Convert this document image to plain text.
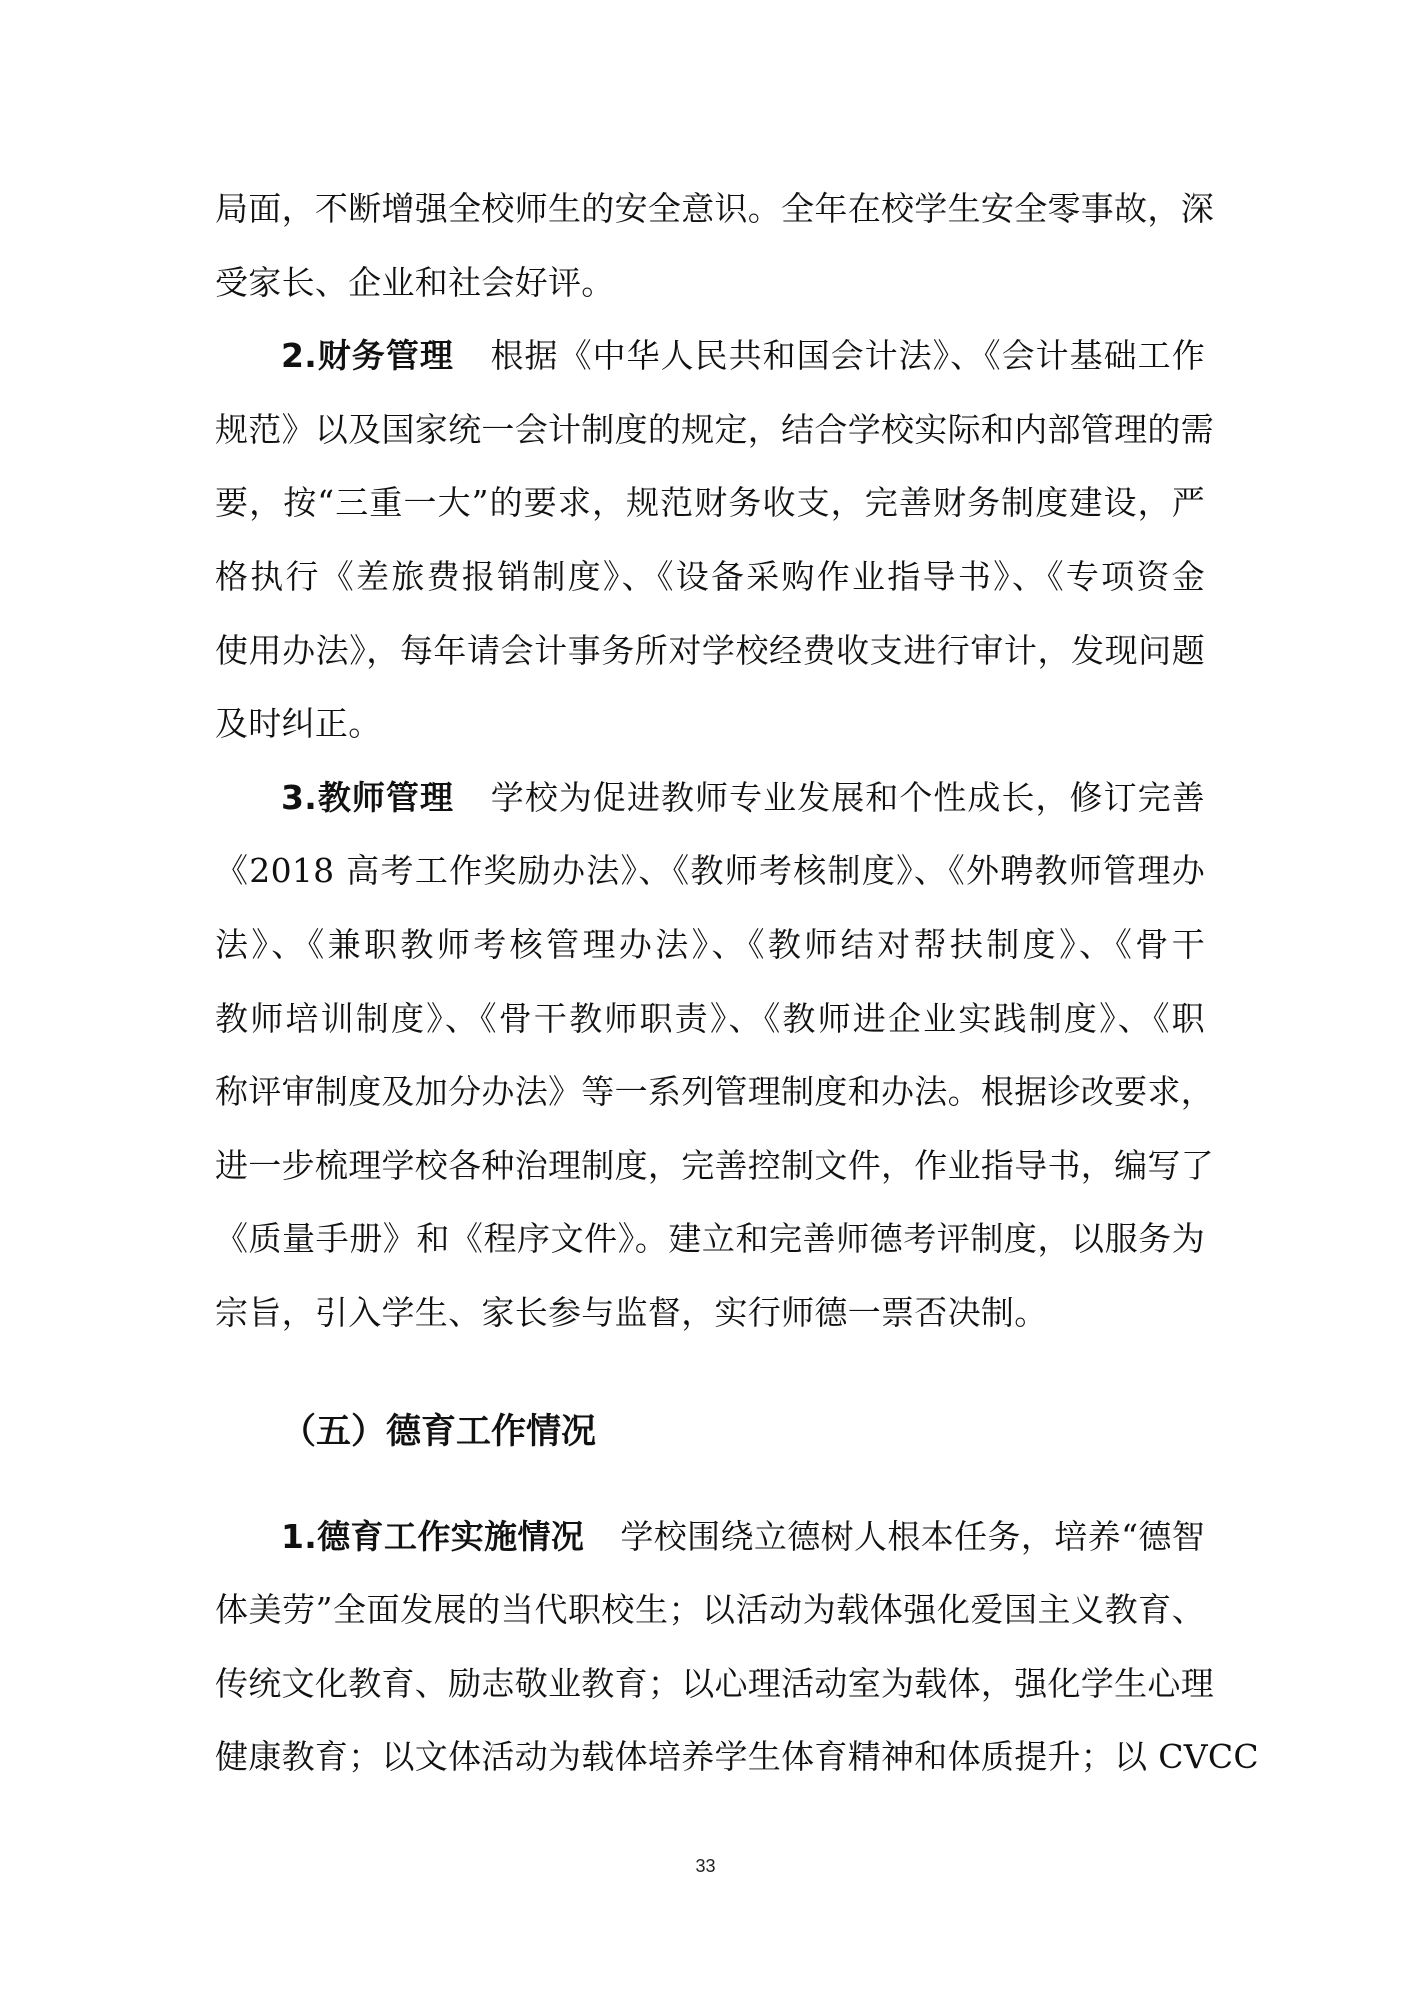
局面，不断增强全校师生的安全意识。全年在校学生安全零事故，深
受家长、企业和社会好评。
2.财务管理 根据《中华人民共和国会计法》、《会计基础工作
规范》以及国家统一会计制度的规定，结合学校实际和内部管理的需
要，按“三重一大”的要求，规范财务收支，完善财务制度建设，严
格执行《差旅费报销制度》、《设备采购作业指导书》、《专项资金
使用办法》，每年请会计事务所对学校经费收支进行审计，发现问题
及时纠正。
3.教师管理 学校为促进教师专业发展和个性成长，修订完善
《2018 高考工作奖励办法》、《教师考核制度》、《外聘教师管理办
法》、《兼职教师考核管理办法》、《教师结对帮扶制度》、《骨干
教师培训制度》、《骨干教师职责》、《教师进企业实践制度》、《职
称评审制度及加分办法》等一系列管理制度和办法。根据诊改要求，
进一步梳理学校各种治理制度，完善控制文件，作业指导书，编写了
《质量手册》和《程序文件》。建立和完善师德考评制度，以服务为
宗旨，引入学生、家长参与监督，实行师德一票否决制。
（五）德育工作情况
1.德育工作实施情况 学校围绕立德树人根本任务，培养“德智
体美劳”全面发展的当代职校生；以活动为载体强化爱国主义教育、
传统文化教育、励志敬业教育；以心理活动室为载体，强化学生心理
健康教育；以文体活动为载体培养学生体育精神和体质提升；以 CVCC
33
